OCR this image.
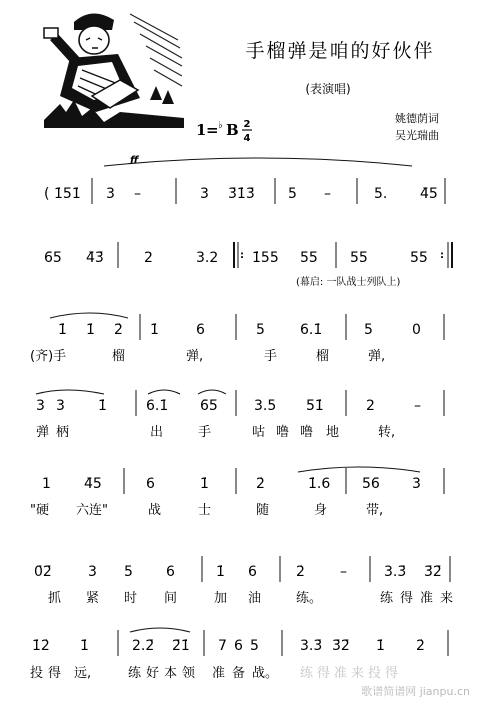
手榴弹是咱的好伙伴
(表演唱)
1 = ♭ B 2
4
姚德荫词
吴光瑞曲
ff
( 1̇5̄1̇ 3 –	3 3̄1̇3̄ 5 –	5. 4̄5̄
6̄5̄ 4̄3̄	2	3.2 : 1̇55 5̄5̄ 5̄5̄	5̄5̄ :
(幕启: 一队战士列队上)
1̇ 1̇ 2̇ 1̇	6	5	6.1̇	5	0
(齐)手	榴	弹,	手	榴	弹,
3 3 1̇	6.1̇ 6̄5̄	3.5 5̄1̇	2	–
弹 柄	出	手	咕 噜 噜 地	转,
1 4̄5̄	6	1̇	2̇	1̇.6 5̄6̄ 3
"硬 六连"	战	士	随	身	带,
0̄2̄	3 5 6	1̇ 6	2̇	–	3.3̄ 3̄2̄
抓 紧 时 间	加 油	练。	练 得 准 来
1̇2̇ 1̇	2.2̄ 2̄1̇ 7 6 5	3.3̄ 3̄2̄ 1̇ 2̇
投 得 远,	练 好 本 领 准 备 战。 练得准来投得
歌谱简谱网 jianpu.cn
